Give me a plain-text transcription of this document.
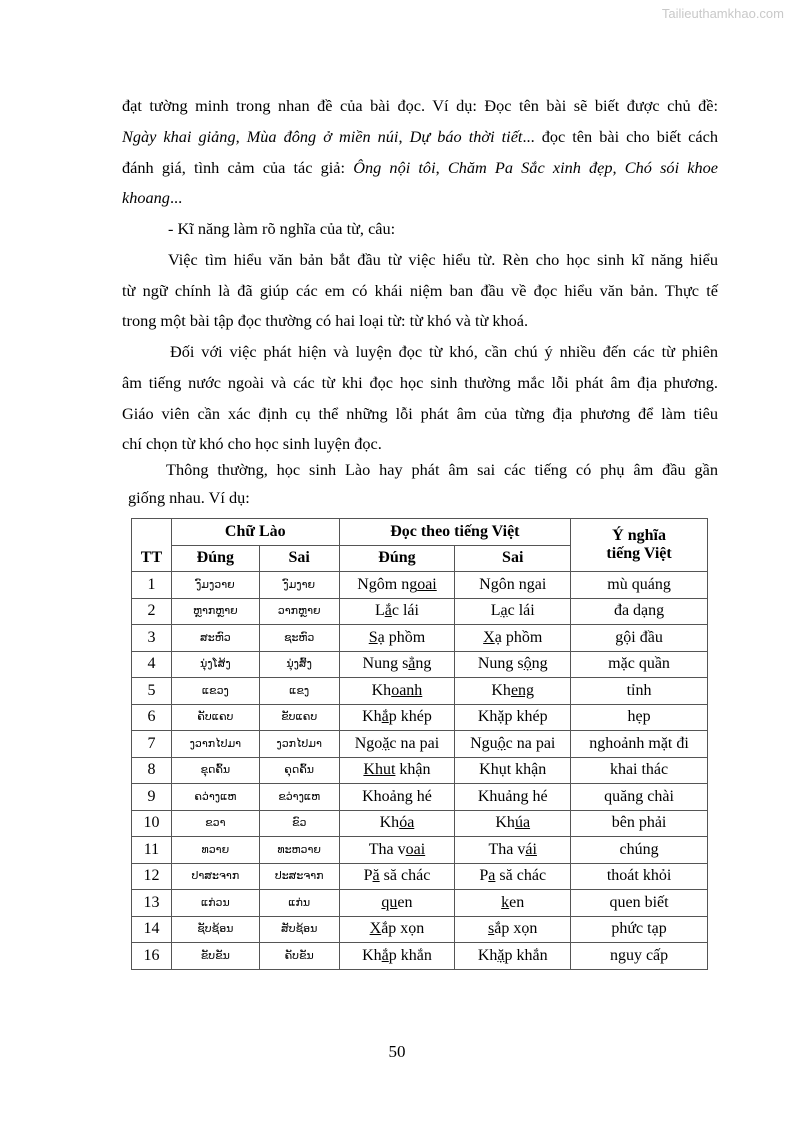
Tailieuthamkhao.com
đạt tường minh trong nhan đề của bài đọc. Ví dụ: Đọc tên bài sẽ biết được chủ đề:
Ngày khai giảng, Mùa đông ở miền núi, Dự báo thời tiết... đọc tên bài cho biết cách
đánh giá, tình cảm của tác giả: Ông nội tôi, Chăm Pa Sắc xinh đẹp, Chó sói khoe
khoang...
- Kĩ năng làm rõ nghĩa của từ, câu:
Việc tìm hiểu văn bản bắt đầu từ việc hiểu từ. Rèn cho học sinh kĩ năng hiểu
từ ngữ chính là đã giúp các em có khái niệm ban đầu về đọc hiểu văn bản. Thực tế
trong một bài tập đọc thường có hai loại từ: từ khó và từ khoá.
Đối với việc phát hiện và luyện đọc từ khó, cần chú ý nhiều đến các từ phiên
âm tiếng nước ngoài và các từ khi đọc học sinh thường mắc lỗi phát âm địa phương.
Giáo viên cần xác định cụ thể những lỗi phát âm của từng địa phương để làm tiêu
chí chọn từ khó cho học sinh luyện đọc.
Thông thường, học sinh Lào hay phát âm sai các tiếng có phụ âm đầu gần
giống nhau. Ví dụ:
TT	Chữ Lào		Đọc theo tiếng Việt		Ý nghĩa tiếng Việt
	Đúng	Sai	Đúng	Sai	
1	ງົມງວາຍ	ງົມງາຍ	Ngôm ngoai	Ngôn ngai	mù quáng
2	ຫຼາກຫຼາຍ	ວາກຫຼາຍ	Lắc lái	Lạc lái	đa dạng
3	ສະຫົວ	ຊະຫົວ	Sạ phồm	Xạ phồm	gội đầu
4	ນຸ່ງໂສ້ງ	ນຸ່ງສົ້ງ	Nung sẳng	Nung sộng	mặc quần
5	ແຂວງ	ແຂງ	Khoanh	Kheng	tỉnh
6	ຄັບແຄບ	ຂັບແຄບ	Khắp khép	Khặp khép	hẹp
7	ງວາກໄປມາ	ງວກໄປມາ	Ngoặc na pai	Nguộc na pai	nghoảnh mặt đi
8	ຂຸດຄົ້ນ	ຄຸດຄົ້ນ	Khut khận	Khụt khận	khai thác
9	ຄວ່າງແຫ	ຂວ່າງແຫ	Khoảng hé	Khuảng hé	quăng chài
10	ຂວາ	ຂົວ	Khóa	Khúa	bên phải
11	ທວາຍ	ທະຫວາຍ	Tha voai	Tha vái	chúng
12	ປາສະຈາກ	ປະສະຈາກ	Pă să chác	Pa să chác	thoát khỏi
13	ແກ່ວນ	ແກ່ນ	quen	ken	quen biết
14	ຊັບຊ້ອນ	ສັບຊ້ອນ	Xắp xọn	sắp xọn	phức tạp
16	ຂັບຂັນ	ຄັບຂັນ	Khắp khắn	Khặp khắn	nguy cấp
50
